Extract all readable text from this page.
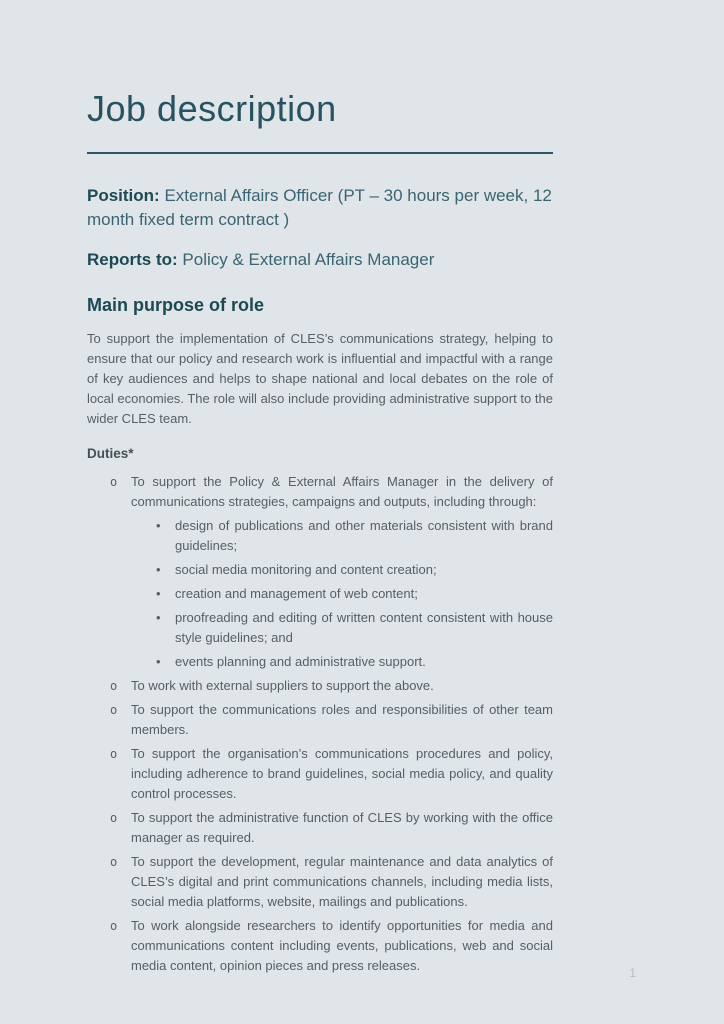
Job description

Position: External Affairs Officer (PT – 30 hours per week, 12 month fixed term contract )

Reports to: Policy & External Affairs Manager

Main purpose of role

To support the implementation of CLES’s communications strategy, helping to ensure that our policy and research work is influential and impactful with a range of key audiences and helps to shape national and local debates on the role of local economies. The role will also include providing administrative support to the wider CLES team.

Duties*
o	To support the Policy & External Affairs Manager in the delivery of communications strategies, campaigns and outputs, including through:
•	design of publications and other materials consistent with brand guidelines;
•	social media monitoring and content creation;
•	creation and management of web content;
•	proofreading and editing of written content consistent with house style guidelines; and
•	events planning and administrative support.
o	To work with external suppliers to support the above.
o	To support the communications roles and responsibilities of other team members.
o	To support the organisation’s communications procedures and policy, including adherence to brand guidelines, social media policy, and quality control processes.
o	To support the administrative function of CLES by working with the office manager as required.
o	To support the development, regular maintenance and data analytics of CLES’s digital and print communications channels, including media lists, social media platforms, website, mailings and publications.
o	To work alongside researchers to identify opportunities for media and communications content including events, publications, web and social media content, opinion pieces and press releases.	1
